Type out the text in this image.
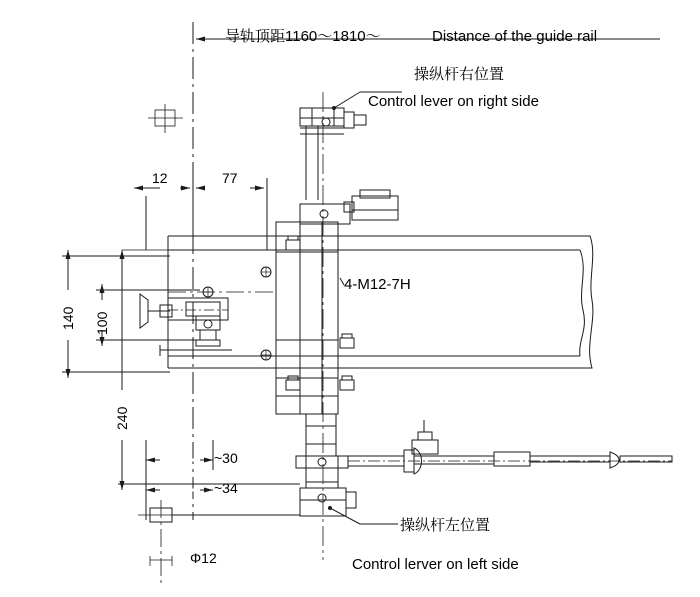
导轨顶距1160～1810～	Distance of the guide rail
操纵杆右位置
Control lever on right side
操纵杆左位置
Control lerver on left side
4-M12-7H
12	77
~30
~34
Φ12
140 100
240
